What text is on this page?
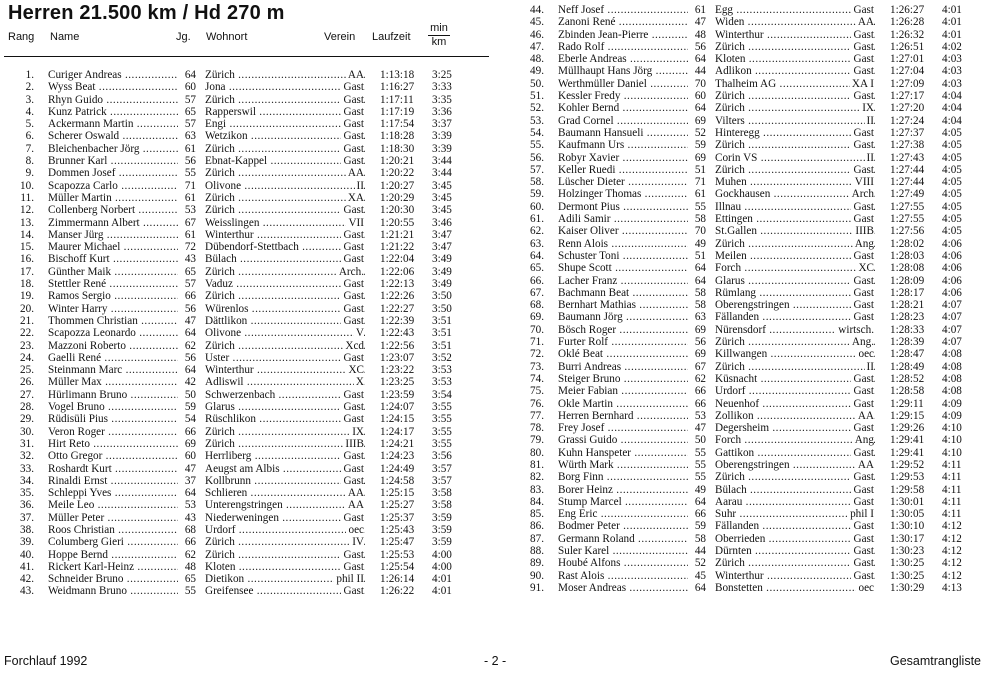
Herren 21.500 km / Hd 270 m
Rang Name	Jg. Wohnort	Verein Laufzeit
min
km
1. Curiger Andreas .....	64 Zürich .....	AA 1:13:18 3:25
2. Wyss Beat .....	60 Jona .....	Gast 1:16:27 3:33
3. Rhyn Guido .....	57 Zürich .....	Gast 1:17:11 3:35
4. Kunz Patrick .....	65 Rapperswil .....	Gast 1:17:19 3:36
5. Ackermann Martin .....	57 Engi .....	Gast 1:17:54 3:37
6. Scherer Oswald .....	63 Wetzikon .....	Gast 1:18:28 3:39
7. Bleichenbacher Jörg .....	61 Zürich .....	Gast 1:18:30 3:39
8. Brunner Karl .....	56 Ebnat-Kappel .....	Gast 1:20:21 3:44
9. Dommen Josef .....	55 Zürich .....	AA 1:20:22 3:44
10. Scapozza Carlo .....	71 Olivone .....	II 1:20:27 3:45
11. Müller Martin .....	61 Zürich .....	XA 1:20:29 3:45
12. Collenberg Norbert .....	53 Zürich .....	Gast 1:20:30 3:45
13. Zimmermann Albert .....	67 Weisslingen .....	VII 1:20:55 3:46
14. Manser Jürg .....	61 Winterthur .....	Gast 1:21:21 3:47
15. Maurer Michael .....	72 Dübendorf-Stettbach .....	Gast 1:21:22 3:47
16. Bischoff Kurt .....	43 Bülach .....	Gast 1:22:04 3:49
17. Günther Maik .....	65 Zürich .....	Arch. 1:22:06 3:49
18. Stettler René .....	57 Vaduz .....	Gast 1:22:13 3:49
19. Ramos Sergio .....	66 Zürich .....	Gast 1:22:26 3:50
20. Winter Harry .....	56 Würenlos .....	Gast 1:22:27 3:50
21. Thommen Christian .....	47 Dättlikon .....	Gast 1:22:39 3:51
22. Scapozza Leonardo .....	64 Olivone .....	V 1:22:43 3:51
23. Mazzoni Roberto .....	62 Zürich .....	Xcd 1:22:56 3:51
24. Gaelli René .....	56 Uster .....	Gast 1:23:07 3:52
25. Steinmann Marc .....	64 Winterthur .....	XC 1:23:22 3:53
26. Müller Max .....	42 Adliswil .....	X 1:23:25 3:53
27. Hürlimann Bruno .....	50 Schwerzenbach .....	Gast 1:23:59 3:54
28. Vogel Bruno .....	59 Glarus .....	Gast 1:24:07 3:55
29. Rüdisüli Pius .....	54 Rüschlikon .....	Gast 1:24:15 3:55
30. Veron Roger .....	66 Zürich .....	IX 1:24:17 3:55
31. Hirt Reto .....	69 Zürich .....	IIIB 1:24:21 3:55
32. Otto Gregor .....	60 Herrliberg .....	Gast 1:24:23 3:56
33. Roshardt Kurt .....	47 Aeugst am Albis .....	Gast 1:24:49 3:57
34. Rinaldi Ernst .....	37 Kollbrunn .....	Gast 1:24:58 3:57
35. Schleppi Yves .....	64 Schlieren .....	AA 1:25:15 3:58
36. Meile Leo .....	53 Unterengstringen .....	AA 1:25:27 3:58
37. Müller Peter .....	43 Niederweningen .....	Gast 1:25:37 3:59
38. Roos Christian .....	68 Urdorf .....	oec 1:25:43 3:59
39. Columberg Gieri .....	66 Zürich .....	IV 1:25:47 3:59
40. Hoppe Bernd .....	62 Zürich .....	Gast 1:25:53 4:00
41. Rickert Karl-Heinz .....	48 Kloten .....	Gast 1:25:54 4:00
42. Schneider Bruno .....	65 Dietikon .....	phil II 1:26:14 4:01
43. Weidmann Bruno .....	55 Greifensee .....	Gast 1:26:22 4:01
44. Neff Josef .....	61 Egg .....	Gast 1:26:27 4:01
45. Zanoni René .....	47 Widen .....	AA 1:26:28 4:01
46. Zbinden Jean-Pierre .....	48 Winterthur .....	Gast 1:26:32 4:01
47. Rado Rolf .....	56 Zürich .....	Gast 1:26:51 4:02
48. Eberle Andreas .....	64 Kloten .....	Gast 1:27:01 4:03
49. Müllhaupt Hans Jörg .....	44 Adlikon .....	Gast 1:27:04 4:03
50. Werthmüller Daniel .....	70 Thalheim AG .....	XA I 1:27:09 4:03
51. Kessler Fredy .....	60 Zürich .....	Gast 1:27:17 4:04
52. Kohler Bernd .....	64 Zürich .....	IX 1:27:20 4:04
53. Grad Cornel .....	69 Vilters .....	II 1:27:24 4:04
54. Baumann Hansueli .....	52 Hinteregg .....	Gast 1:27:37 4:05
55. Kaufmann Urs .....	59 Zürich .....	Gast 1:27:38 4:05
56. Robyr Xavier .....	69 Corin VS .....	II 1:27:43 4:05
57. Keller Ruedi .....	51 Zürich .....	Gast 1:27:44 4:05
58. Lüscher Dieter .....	71 Muhen .....	VIII 1:27:44 4:05
59. Holzinger Thomas .....	61 Gockhausen .....	Arch 1:27:49 4:05
60. Dermont Pius .....	55 Illnau .....	Gast 1:27:55 4:05
61. Adili Samir .....	58 Ettingen .....	Gast 1:27:55 4:05
62. Kaiser Oliver .....	70 St.Gallen .....	IIIB 1:27:56 4:05
63. Renn Alois .....	49 Zürich .....	Ang 1:28:02 4:06
64. Schuster Toni .....	51 Meilen .....	Gast 1:28:03 4:06
65. Shupe Scott .....	64 Forch .....	XC 1:28:08 4:06
66. Lacher Franz .....	64 Glarus .....	Gast 1:28:09 4:06
67. Bachmann Beat .....	58 Rümlang .....	Gast 1:28:17 4:06
68. Bernhart Mathias .....	58 Oberengstringen .....	Gast 1:28:21 4:07
69. Baumann Jörg .....	63 Fällanden .....	Gast 1:28:23 4:07
70. Bösch Roger .....	69 Nürensdorf .....	wirtsch. 1:28:33 4:07
71. Furter Rolf .....	56 Zürich .....	Ang. 1:28:39 4:07
72. Oklé Beat .....	69 Killwangen .....	oec 1:28:47 4:08
73. Burri Andreas .....	67 Zürich .....	II 1:28:49 4:08
74. Steiger Bruno .....	62 Küsnacht .....	Gast 1:28:52 4:08
75. Meier Fabian .....	66 Urdorf .....	Gast 1:28:58 4:08
76. Okle Martin .....	66 Neuenhof .....	Gast 1:29:11 4:09
77. Herren Bernhard .....	53 Zollikon .....	AA 1:29:15 4:09
78. Frey Josef .....	47 Degersheim .....	Gast 1:29:26 4:10
79. Grassi Guido .....	50 Forch .....	Ang 1:29:41 4:10
80. Kuhn Hanspeter .....	55 Gattikon .....	Gast 1:29:41 4:10
81. Würth Mark .....	55 Oberengstringen .....	AA 1:29:52 4:11
82. Borg Finn .....	55 Zürich .....	Gast 1:29:53 4:11
83. Borer Heinz .....	49 Bülach .....	Gast 1:29:58 4:11
84. Stump Marcel .....	64 Aarau .....	Gast 1:30:01 4:11
85. Eng Eric .....	66 Suhr .....	phil I 1:30:05 4:11
86. Bodmer Peter .....	59 Fällanden .....	Gast 1:30:10 4:12
87. Germann Roland .....	58 Oberrieden .....	Gast 1:30:17 4:12
88. Suler Karel .....	44 Dürnten .....	Gast 1:30:23 4:12
89. Houbé Alfons .....	52 Zürich .....	Gast 1:30:25 4:12
90. Rast Alois .....	45 Winterthur .....	Gast 1:30:25 4:12
91. Moser Andreas .....	64 Bonstetten .....	oec 1:30:29 4:13
Forchlauf 1992	- 2 -	Gesamtrangliste
